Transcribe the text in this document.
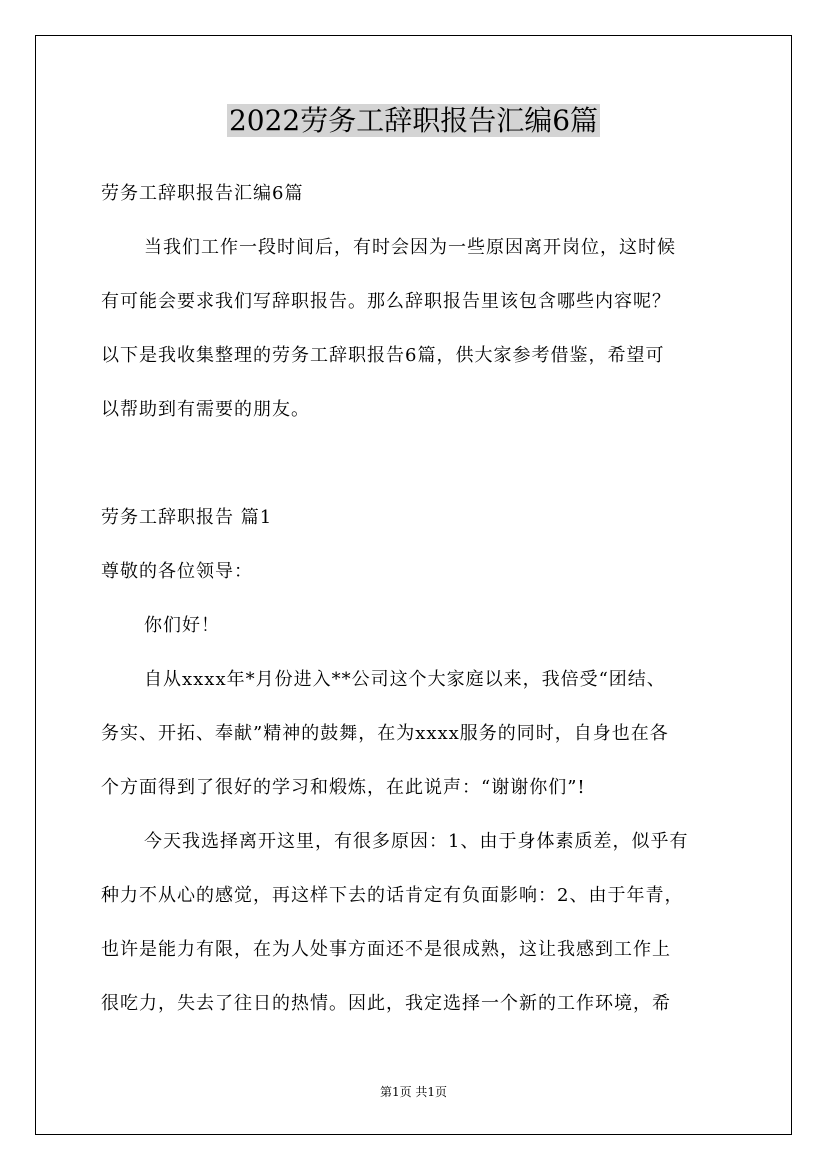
2022劳务工辞职报告汇编6篇

劳务工辞职报告汇编6篇

当我们工作一段时间后，有时会因为一些原因离开岗位，这时候

有可能会要求我们写辞职报告。那么辞职报告里该包含哪些内容呢？

以下是我收集整理的劳务工辞职报告6篇，供大家参考借鉴，希望可

以帮助到有需要的朋友。

劳务工辞职报告 篇1

尊敬的各位领导：

你们好！

自从xxxx年*月份进入**公司这个大家庭以来，我倍受“团结、

务实、开拓、奉献”精神的鼓舞，在为xxxx服务的同时，自身也在各

个方面得到了很好的学习和煅炼，在此说声：“谢谢你们”!

今天我选择离开这里，有很多原因：1、由于身体素质差，似乎有

种力不从心的感觉，再这样下去的话肯定有负面影响：2、由于年青，

也许是能力有限，在为人处事方面还不是很成熟，这让我感到工作上

很吃力，失去了往日的热情。因此，我定选择一个新的工作环境，希

第1页 共1页
